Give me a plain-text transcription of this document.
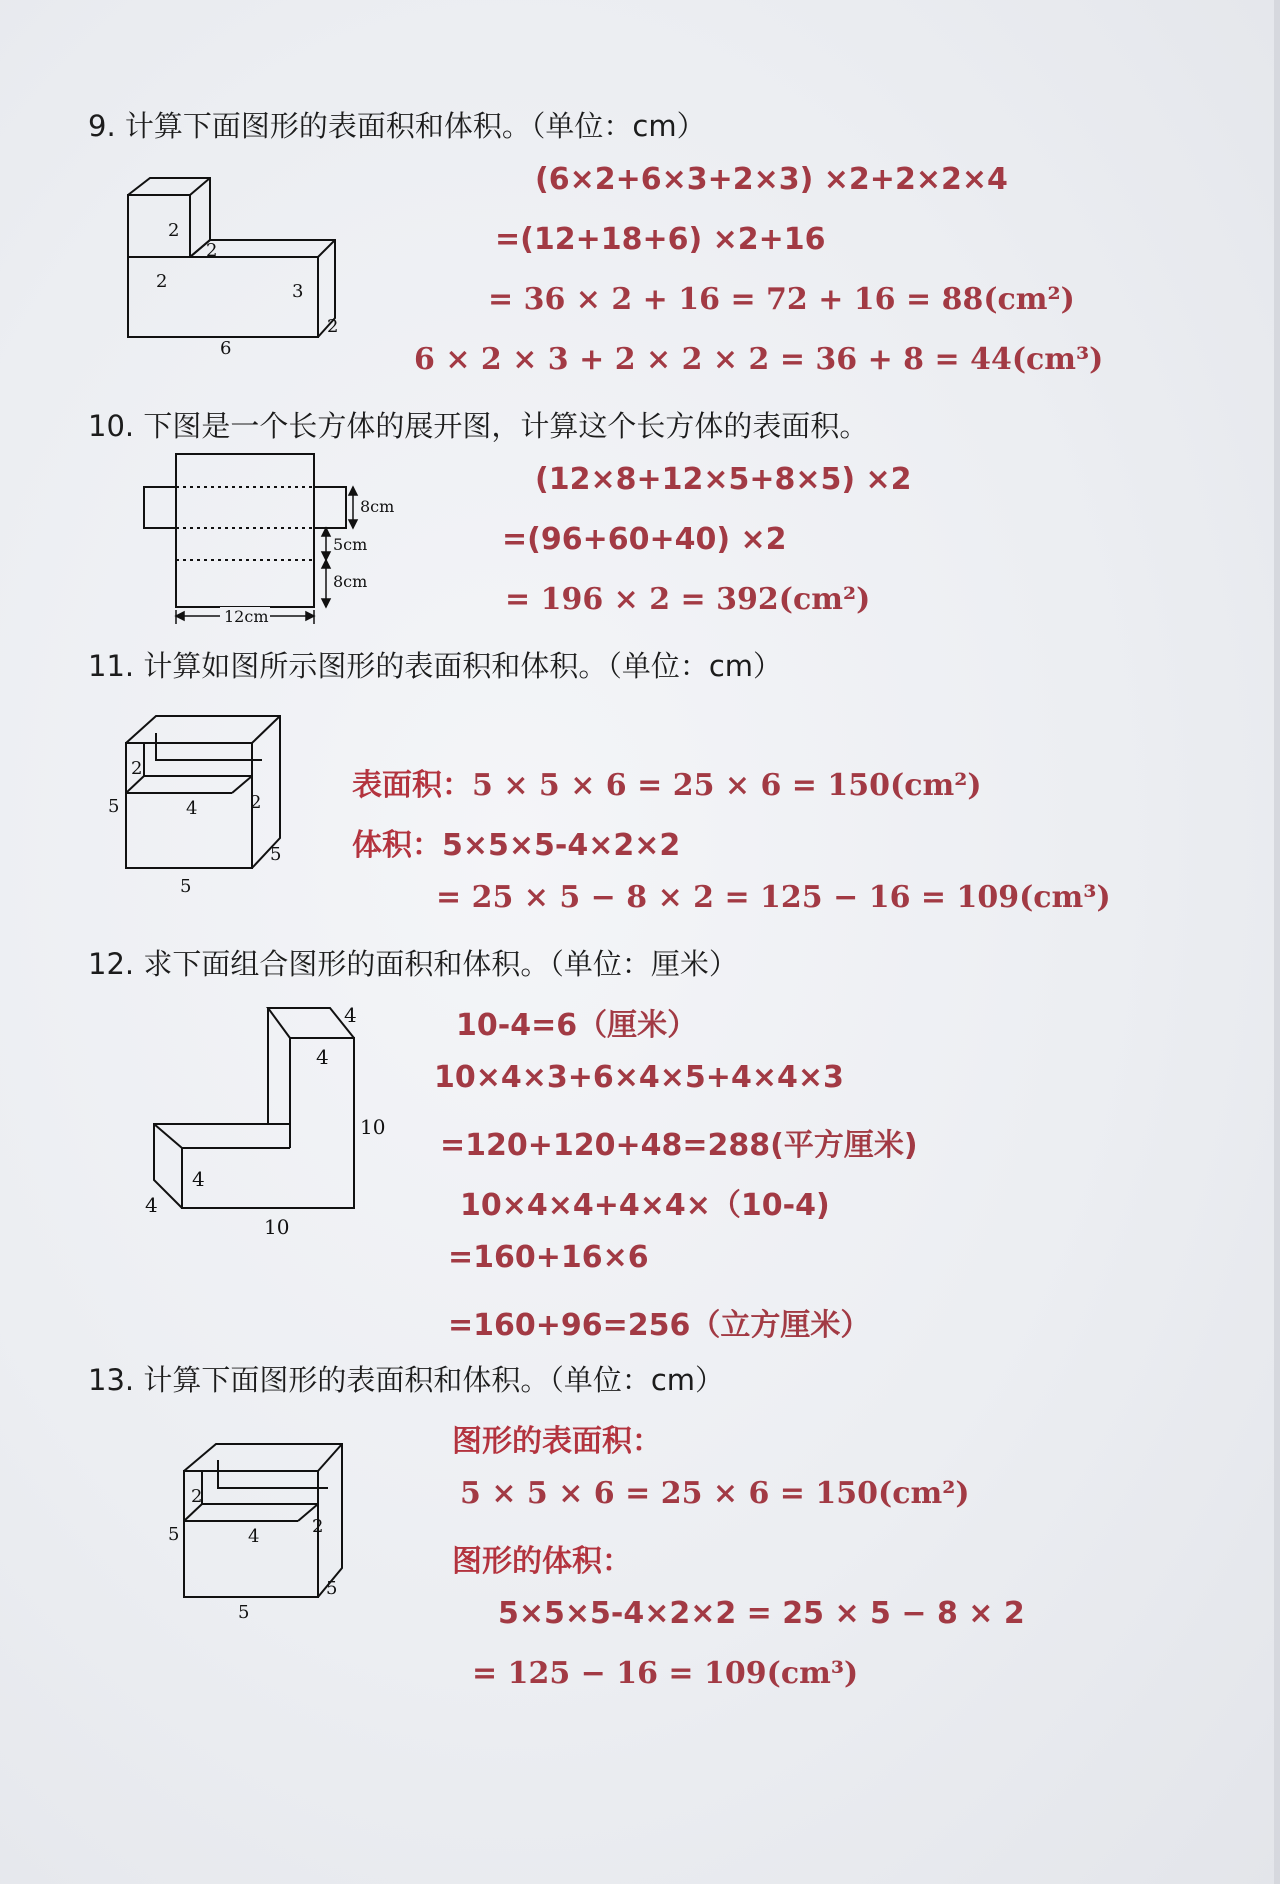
9. 计算下面图形的表面积和体积。（单位：cm）
2
2
2	3
2
6
(6×2+6×3+2×3) ×2+2×2×4
=(12+18+6) ×2+16
= 36 × 2 + 16 = 72 + 16 = 88(cm²)
6 × 2 × 3 + 2 × 2 × 2 = 36 + 8 = 44(cm³)
10. 下图是一个长方体的展开图，计算这个长方体的表面积。
8cm
5cm
8cm
12cm
(12×8+12×5+8×5) ×2
=(96+60+40) ×2
= 196 × 2 = 392(cm²)
11. 计算如图所示图形的表面积和体积。（单位：cm）
2
4	2
5
5
5
表面积：5 × 5 × 6 = 25 × 6 = 150(cm²)
体积：5×5×5-4×2×2
= 25 × 5 − 8 × 2 = 125 − 16 = 109(cm³)
12. 求下面组合图形的面积和体积。（单位：厘米）
4
4
10
4
4
10
10-4=6（厘米）
10×4×3+6×4×5+4×4×3
=120+120+48=288(平方厘米)
10×4×4+4×4×（10-4)
=160+16×6
=160+96=256（立方厘米）
13. 计算下面图形的表面积和体积。（单位：cm）
2
4	2
5
5
5
图形的表面积：
5 × 5 × 6 = 25 × 6 = 150(cm²)
图形的体积：
5×5×5-4×2×2 = 25 × 5 − 8 × 2
= 125 − 16 = 109(cm³)
